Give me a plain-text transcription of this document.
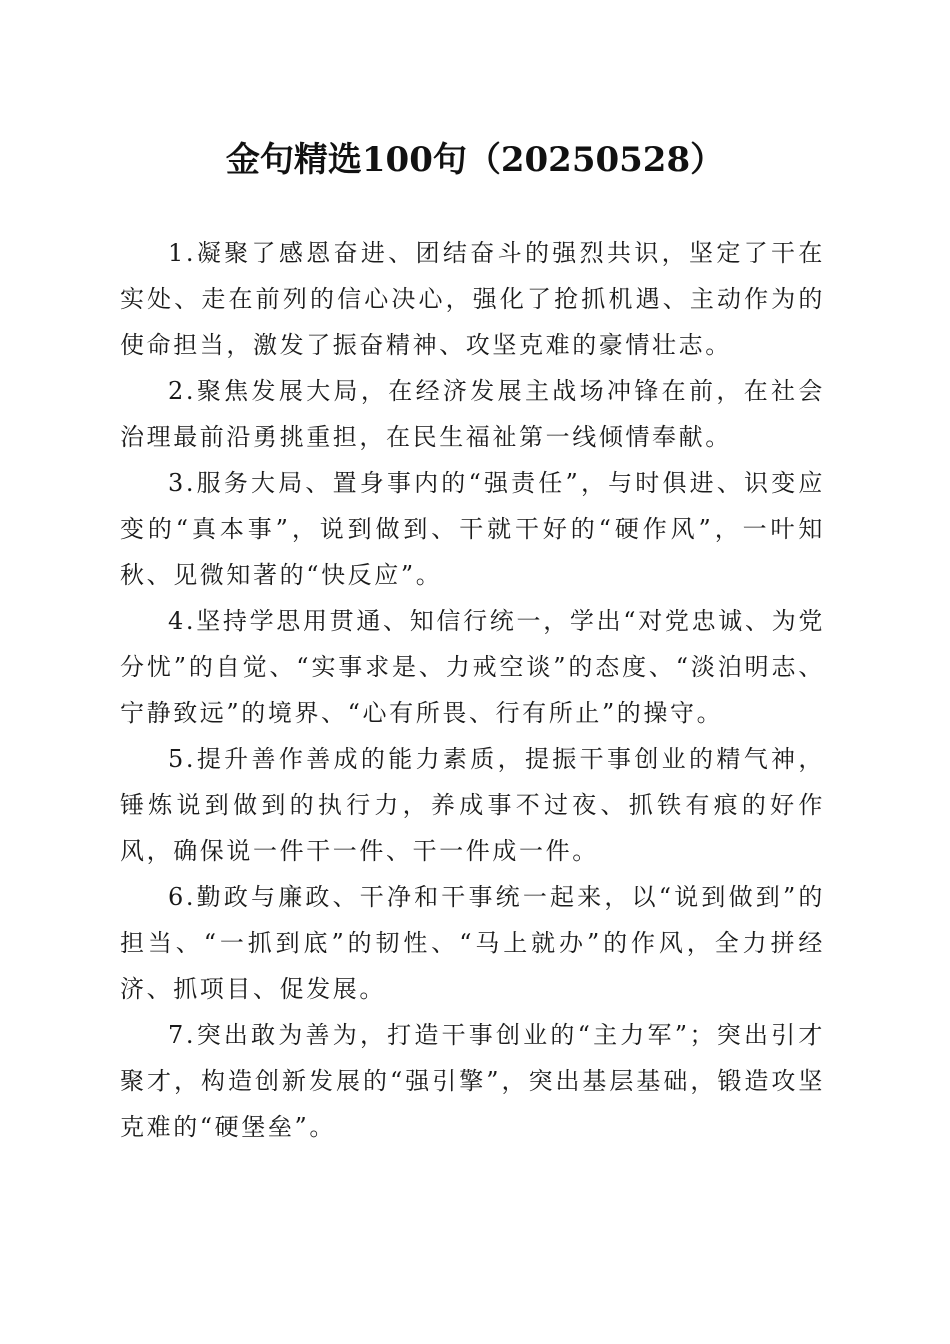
金句精选100句（20250528）

1.凝聚了感恩奋进、团结奋斗的强烈共识，坚定了干在实处、走在前列的信心决心，强化了抢抓机遇、主动作为的使命担当，激发了振奋精神、攻坚克难的豪情壮志。

2.聚焦发展大局，在经济发展主战场冲锋在前，在社会治理最前沿勇挑重担，在民生福祉第一线倾情奉献。

3.服务大局、置身事内的“强责任”，与时俱进、识变应变的“真本事”，说到做到、干就干好的“硬作风”，一叶知秋、见微知著的“快反应”。

4.坚持学思用贯通、知信行统一，学出“对党忠诚、为党分忧”的自觉、“实事求是、力戒空谈”的态度、“淡泊明志、宁静致远”的境界、“心有所畏、行有所止”的操守。

5.提升善作善成的能力素质，提振干事创业的精气神，锤炼说到做到的执行力，养成事不过夜、抓铁有痕的好作风，确保说一件干一件、干一件成一件。

6.勤政与廉政、干净和干事统一起来，以“说到做到”的担当、“一抓到底”的韧性、“马上就办”的作风，全力拼经济、抓项目、促发展。

7.突出敢为善为，打造干事创业的“主力军”；突出引才聚才，构造创新发展的“强引擎”，突出基层基础，锻造攻坚克难的“硬堡垒”。
